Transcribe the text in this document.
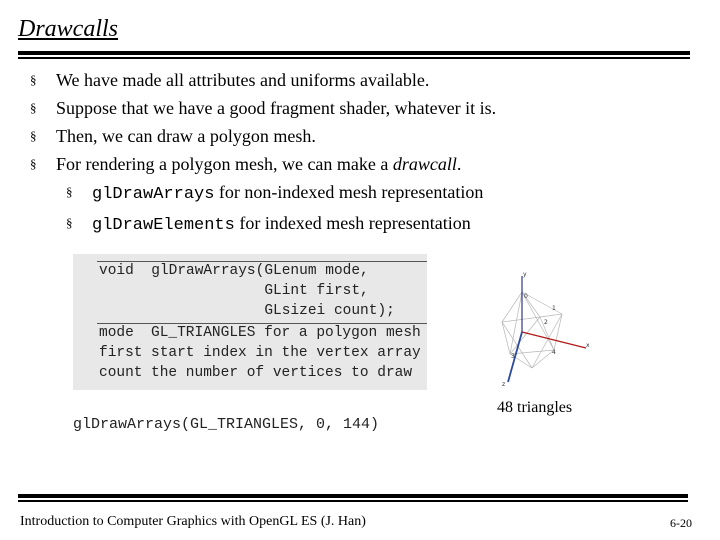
Drawcalls
§ We have made all attributes and uniforms available.
§ Suppose that we have a good fragment shader, whatever it is.
§ Then, we can draw a polygon mesh.
§ For rendering a polygon mesh, we can make a drawcall.
§ glDrawArrays for non-indexed mesh representation
§ glDrawElements for indexed mesh representation
void  glDrawArrays(GLenum mode,
GLint first,
GLsizei count);
mode GL_TRIANGLES for a polygon mesh
first start index in the vertex array
count the number of vertices to draw
glDrawArrays(GL_TRIANGLES, 0, 144)
y
x
z
0
1
2
3
4
48 triangles
Introduction to Computer Graphics with OpenGL ES (J. Han)	6-20
